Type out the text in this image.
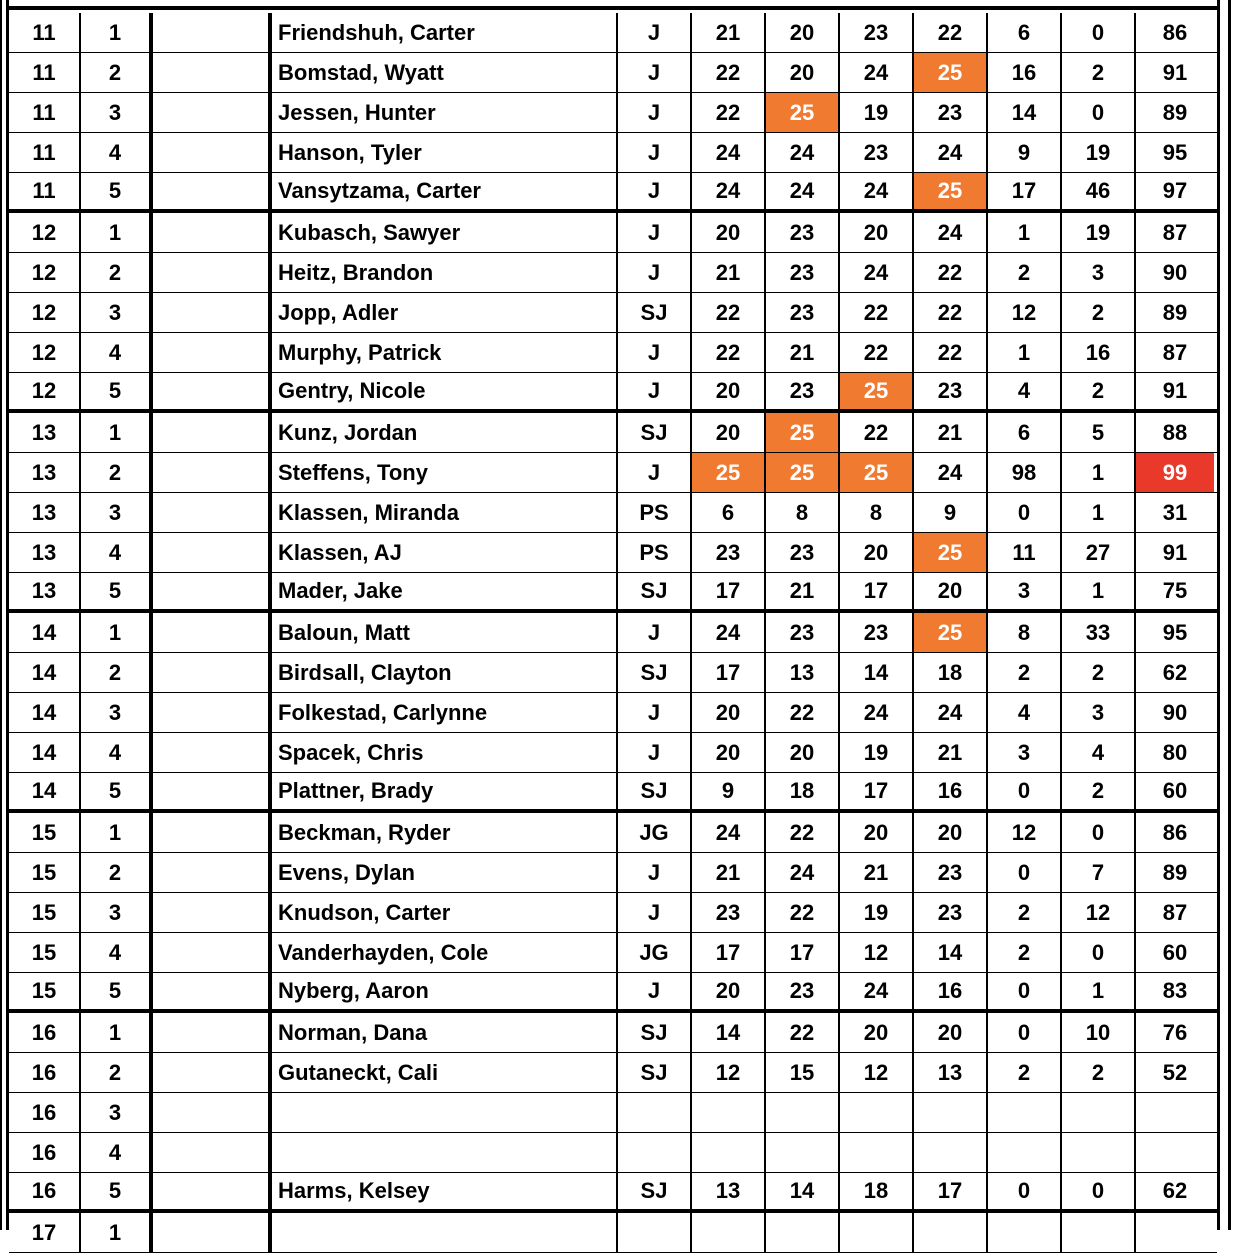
11	1	Friendshuh, Carter	J	21	20	23	22	6	0	86
11	2	Bomstad, Wyatt	J	22	20	24	25	16	2	91
11	3	Jessen, Hunter	J	22	25	19	23	14	0	89
11	4	Hanson, Tyler	J	24	24	23	24	9	19	95
11	5	Vansytzama, Carter	J	24	24	24	25	17	46	97
12	1	Kubasch, Sawyer	J	20	23	20	24	1	19	87
12	2	Heitz, Brandon	J	21	23	24	22	2	3	90
12	3	Jopp, Adler	SJ	22	23	22	22	12	2	89
12	4	Murphy, Patrick	J	22	21	22	22	1	16	87
12	5	Gentry, Nicole	J	20	23	25	23	4	2	91
13	1	Kunz, Jordan	SJ	20	25	22	21	6	5	88
13	2	Steffens, Tony	J	25	25	25	24	98	1	99
13	3	Klassen, Miranda	PS	6	8	8	9	0	1	31
13	4	Klassen, AJ	PS	23	23	20	25	11	27	91
13	5	Mader, Jake	SJ	17	21	17	20	3	1	75
14	1	Baloun, Matt	J	24	23	23	25	8	33	95
14	2	Birdsall, Clayton	SJ	17	13	14	18	2	2	62
14	3	Folkestad, Carlynne	J	20	22	24	24	4	3	90
14	4	Spacek, Chris	J	20	20	19	21	3	4	80
14	5	Plattner, Brady	SJ	9	18	17	16	0	2	60
15	1	Beckman, Ryder	JG	24	22	20	20	12	0	86
15	2	Evens, Dylan	J	21	24	21	23	0	7	89
15	3	Knudson, Carter	J	23	22	19	23	2	12	87
15	4	Vanderhayden, Cole	JG	17	17	12	14	2	0	60
15	5	Nyberg, Aaron	J	20	23	24	16	0	1	83
16	1	Norman, Dana	SJ	14	22	20	20	0	10	76
16	2	Gutaneckt, Cali	SJ	12	15	12	13	2	2	52
16	3
16	4
16	5	Harms, Kelsey	SJ	13	14	18	17	0	0	62
17	1
